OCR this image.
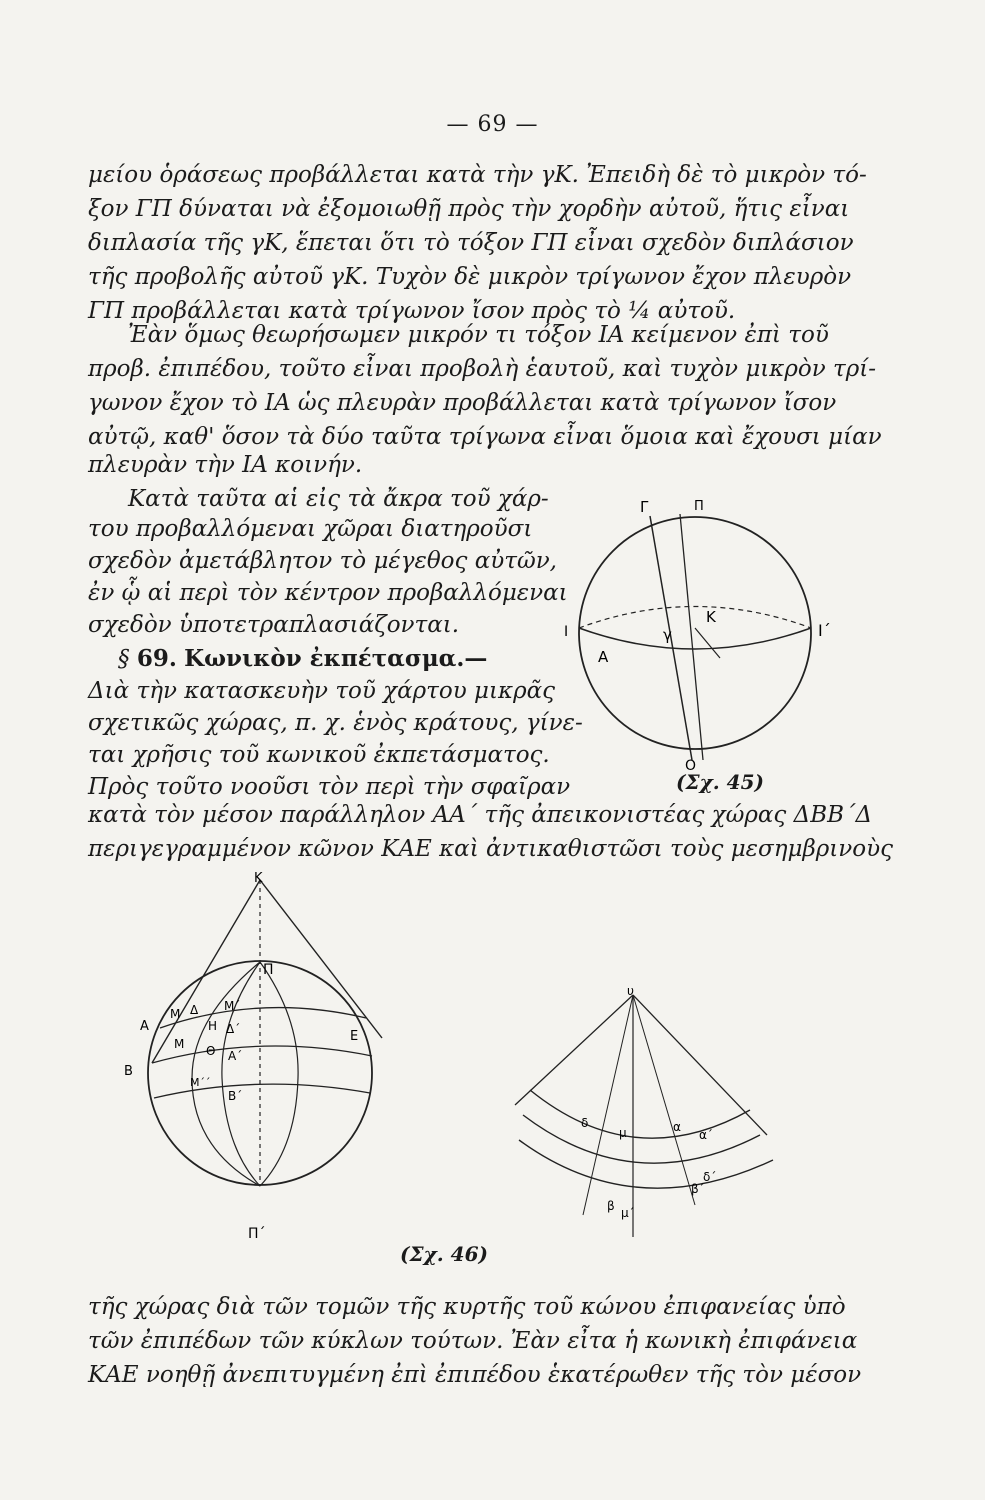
— 69 —
μείου ὁράσεως προβάλλεται κατὰ τὴν γΚ. Ἐπειδὴ δὲ τὸ μικρὸν τό-
ξον ΓΠ δύναται νὰ ἐξομοιωθῇ πρὸς τὴν χορδὴν αὐτοῦ, ἥτις εἶναι
διπλασία τῆς γΚ, ἕπεται ὅτι τὸ τόξον ΓΠ εἶναι σχεδὸν διπλάσιον
τῆς προβολῆς αὐτοῦ γΚ. Τυχὸν δὲ μικρὸν τρίγωνον ἔχον πλευρὸν
ΓΠ προβάλλεται κατὰ τρίγωνον ἴσον πρὸς τὸ ¼ αὐτοῦ.
Ἐὰν ὅμως θεωρήσωμεν μικρόν τι τόξον ΙΑ κείμενον ἐπὶ τοῦ
προβ. ἐπιπέδου, τοῦτο εἶναι προβολὴ ἑαυτοῦ, καὶ τυχὸν μικρὸν τρί-
γωνον ἔχον τὸ ΙΑ ὡς πλευρὰν προβάλλεται κατὰ τρίγωνον ἴσον
αὐτῷ, καθ' ὅσον τὰ δύο ταῦτα τρίγωνα εἶναι ὅμοια καὶ ἔχουσι μίαν
πλευρὰν τὴν ΙΑ κοινήν.
Κατὰ ταῦτα αἱ εἰς τὰ ἄκρα τοῦ χάρ-
του προβαλλόμεναι χῶραι διατηροῦσι
σχεδὸν ἀμετάβλητον τὸ μέγεθος αὐτῶν,
ἐν ᾧ αἱ περὶ τὸν κέντρον προβαλλόμεναι
σχεδὸν ὑποτετραπλασιάζονται.
§ 69. Κωνικὸν ἐκπέτασμα.—
Διὰ τὴν κατασκευὴν τοῦ χάρτου μικρᾶς
σχετικῶς χώρας, π. χ. ἑνὸς κράτους, γίνε-
ται χρῆσις τοῦ κωνικοῦ ἐκπετάσματος.
Πρὸς τοῦτο νοοῦσι τὸν περὶ τὴν σφαῖραν	(Σχ. 45)
κατὰ τὸν μέσον παράλληλον ΑΑ΄ τῆς ἀπεικονιστέας χώρας ΔΒΒ΄Δ
περιγεγραμμένον κῶνον ΚΑΕ καὶ ἀντικαθιστῶσι τοὺς μεσημβρινοὺς
Γ	Π
Κ
Ι	Ι΄
Α
γ
Ο
Κ
Π
Π΄
Α
Δ Μ΄
Η Δ΄	Ε
Μ Θ Α΄
Β
Μ΄΄
Β΄
Μ
(Σχ. 46)
υ
δ
μ	α
α΄
β μ΄
δ΄
β΄
τῆς χώρας διὰ τῶν τομῶν τῆς κυρτῆς τοῦ κώνου ἐπιφανείας ὑπὸ
τῶν ἐπιπέδων τῶν κύκλων τούτων. Ἐὰν εἶτα ἡ κωνικὴ ἐπιφάνεια
ΚΑΕ νοηθῇ ἀνεπιτυγμένη ἐπὶ ἐπιπέδου ἑκατέρωθεν τῆς τὸν μέσον
